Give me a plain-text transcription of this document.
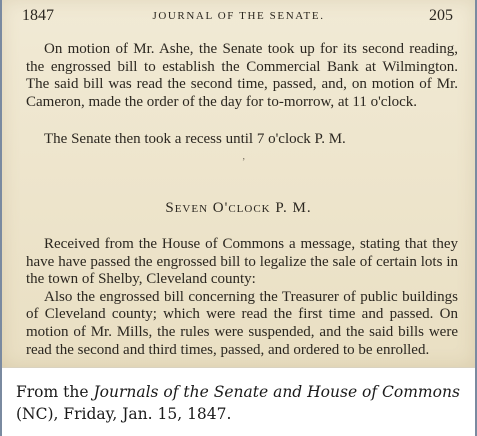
1847	JOURNAL OF THE SENATE.	205

On motion of Mr. Ashe, the Senate took up for its second reading, the engrossed bill to establish the Commercial Bank at Wilmington. The said bill was read the second time, passed, and, on motion of Mr. Cameron, made the order of the day for to-morrow, at 11 o'clock.

The Senate then took a recess until 7 o'clock P. M.

ʼ
Seven O'clock P. M.

Received from the House of Commons a message, stating that they have have passed the engrossed bill to legalize the sale of certain lots in the town of Shelby, Cleveland county:

Also the engrossed bill concerning the Treasurer of public buildings of Cleveland county; which were read the first time and passed. On motion of Mr. Mills, the rules were suspended, and the said bills were read the second and third times, passed, and ordered to be enrolled.

From the Journals of the Senate and House of Commons (NC), Friday, Jan. 15, 1847.
